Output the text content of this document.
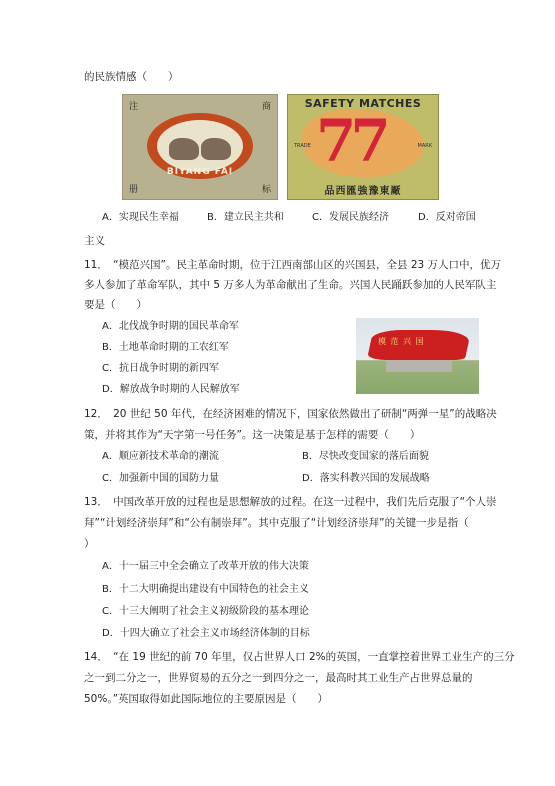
的民族情感（　　）
注	商
册	标
BIYANG FAI
SAFETY MATCHES
77
TRADE	MARK
品西匯強豫東厰
A．实现民生幸福	B．建立民主共和	C．发展民族经济	D．反对帝国
主义
11．　“模范兴国”。民主革命时期，位于江西南部山区的兴国县，全县 23 万人口中，优万
多人参加了革命军队，其中 5 万多人为革命献出了生命。兴国人民踊跃参加的人民军队主
要是（　　）
A．北伐战争时期的国民革命军
B．土地革命时期的工农红军
C．抗日战争时期的新四军
D．解放战争时期的人民解放军
模 范 兴 国
12．　20 世纪 50 年代，在经济困难的情况下，国家依然做出了研制“两弹一星”的战略决
策，并将其作为“天字第一号任务”。这一决策是基于怎样的需要（　　）
A．顺应新技术革命的潮流	B．尽快改变国家的落后面貌
C．加强新中国的国防力量	D．落实科教兴国的发展战略
13．　中国改革开放的过程也是思想解放的过程。在这一过程中，我们先后克服了“个人崇
拜”“计划经济崇拜”和“公有制崇拜”。其中克服了“计划经济崇拜”的关键一步是指（
）
A．十一届三中全会确立了改革开放的伟大决策
B．十二大明确提出建设有中国特色的社会主义
C．十三大阐明了社会主义初级阶段的基本理论
D．十四大确立了社会主义市场经济体制的目标
14．　“在 19 世纪的前 70 年里，仅占世界人口 2%的英国，一直掌控着世界工业生产的三分
之一到二分之一，世界贸易的五分之一到四分之一，最高时其工业生产占世界总量的
50%。”英国取得如此国际地位的主要原因是（　　）
